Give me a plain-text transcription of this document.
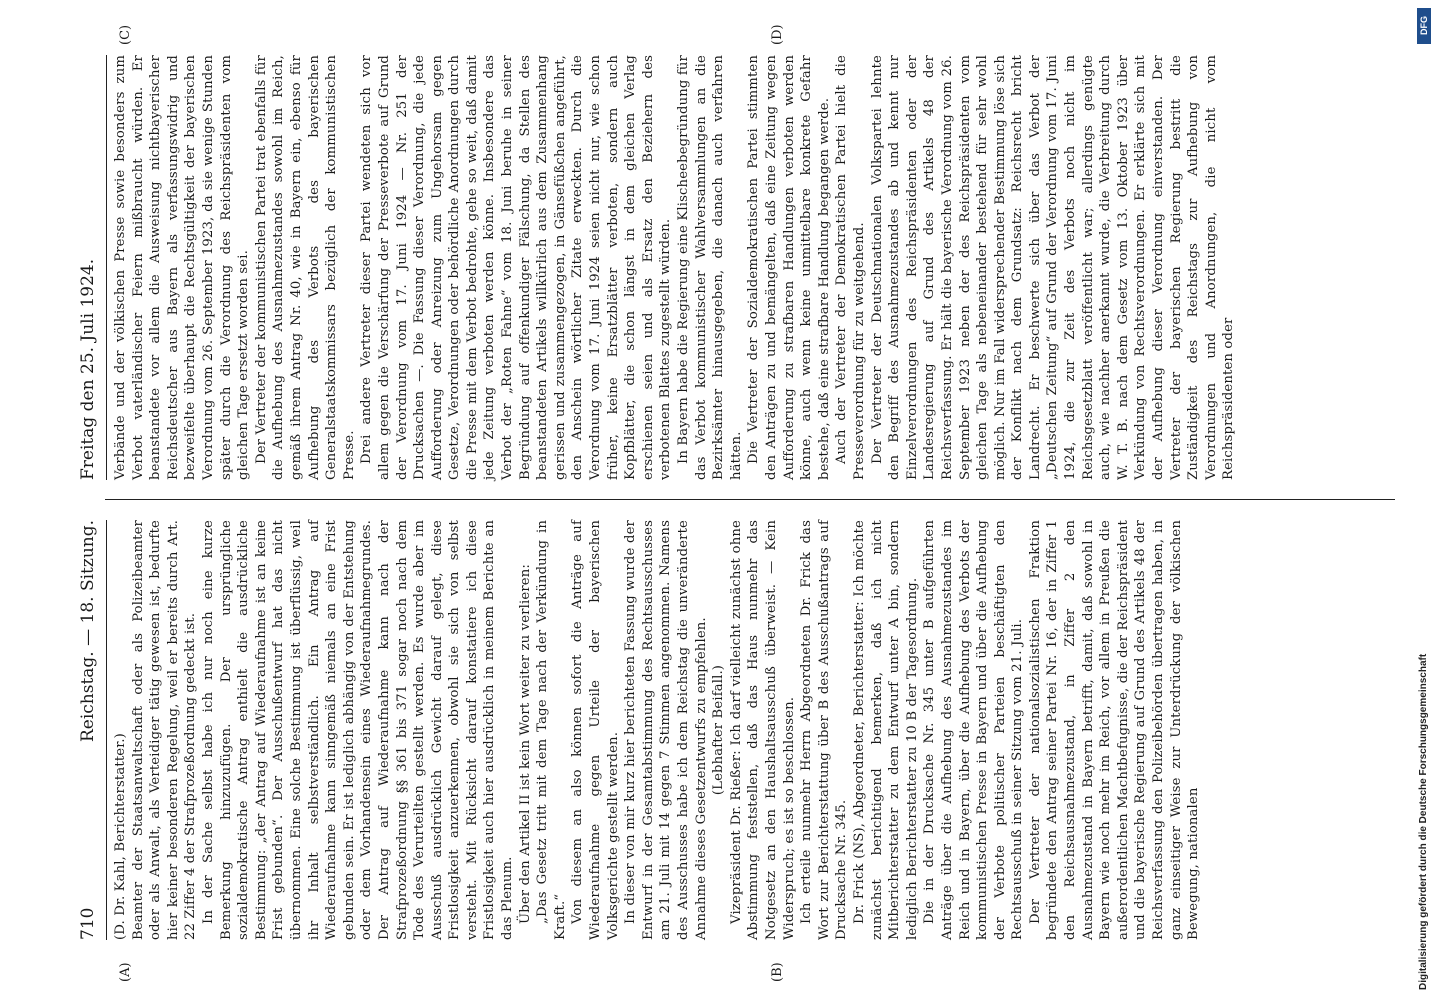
710
Reichstag. — 18. Sitzung.
Freitag den 25. Juli 1924.
(A)	(B)
(C)	(D)

(D. Dr. Kahl, Berichterstatter.) Beamter der Staatsanwaltschaft oder als Polizeibeamter oder als Anwalt, als Verteidiger tätig gewesen ist, bedurfte hier keiner besonderen Regelung, weil er bereits durch Art. 22 Ziffer 4 der Strafprozeßordnung gedeckt ist. In der Sache selbst habe ich nur noch eine kurze Bemerkung hinzuzufügen. Der ursprüngliche sozialdemokratische Antrag enthielt die ausdrückliche Bestimmung: „der Antrag auf Wiederaufnahme ist an keine Frist gebunden“. Der Ausschußentwurf hat das nicht übernommen. Eine solche Bestimmung ist überflüssig, weil ihr Inhalt selbstverständlich. Ein Antrag auf Wiederaufnahme kann sinngemäß niemals an eine Frist gebunden sein. Er ist lediglich abhängig von der Entstehung oder dem Vorhandensein eines Wiederaufnahmegrundes. Der Antrag auf Wiederaufnahme kann nach der Strafprozeßordnung §§ 361 bis 371 sogar noch nach dem Tode des Verurteilten gestellt werden. Es wurde aber im Ausschuß ausdrücklich Gewicht darauf gelegt, diese Fristlosigkeit anzuerkennen, obwohl sie sich von selbst versteht. Mit Rücksicht darauf konstatiere ich diese Fristlosigkeit auch hier ausdrücklich in meinem Berichte an das Plenum. Über den Artikel II ist kein Wort weiter zu verlieren: „Das Gesetz tritt mit dem Tage nach der Verkündung in Kraft.“ Von diesem an also können sofort die Anträge auf Wiederaufnahme gegen Urteile der bayerischen Volksgerichte gestellt werden. In dieser von mir kurz hier berichteten Fassung wurde der Entwurf in der Gesamtabstimmung des Rechtsausschusses am 21. Juli mit 14 gegen 7 Stimmen angenommen. Namens des Ausschusses habe ich dem Reichstag die unveränderte Annahme dieses Gesetzentwurfs zu empfehlen. (Lebhafter Beifall.) Vizepräsident Dr. Rießer: Ich darf vielleicht zunächst ohne Abstimmung feststellen, daß das Haus nunmehr das Notgesetz an den Haushaltsausschuß überweist. — Kein Widerspruch; es ist so beschlossen. Ich erteile nunmehr Herrn Abgeordneten Dr. Frick das Wort zur Berichterstattung über B des Ausschußantrags auf Drucksache Nr. 345. Dr. Frick (NS), Abgeordneter, Berichterstatter: Ich möchte zunächst berichtigend bemerken, daß ich nicht Mitberichterstatter zu dem Entwurf unter A bin, sondern lediglich Berichterstatter zu 10 B der Tagesordnung. Die in der Drucksache Nr. 345 unter B aufgeführten Anträge über die Aufhebung des Ausnahmezustandes im Reich und in Bayern, über die Aufhebung des Verbots der kommunistischen Presse in Bayern und über die Aufhebung der Verbote politischer Parteien beschäftigten den Rechtsausschuß in seiner Sitzung vom 21. Juli. Der Vertreter der nationalsozialistischen Fraktion begründete den Antrag seiner Partei Nr. 16, der in Ziffer 1 den Reichsausnahmezustand, in Ziffer 2 den Ausnahmezustand in Bayern betrifft, damit, daß sowohl in Bayern wie noch mehr im Reich, vor allem in Preußen die außerordentlichen Machtbefugnisse, die der Reichspräsident und die bayerische Regierung auf Grund des Artikels 48 der Reichsverfassung den Polizeibehörden übertragen haben, in ganz einseitiger Weise zur Unterdrückung der völkischen Bewegung, nationalen

Verbände und der völkischen Presse sowie besonders zum Verbot vaterländischer Feiern mißbraucht würden. Er beanstandete vor allem die Ausweisung nichtbayerischer Reichsdeutscher aus Bayern als verfassungswidrig und bezweifelte überhaupt die Rechtsgültigkeit der bayerischen Verordnung vom 26. September 1923, da sie wenige Stunden später durch die Verordnung des Reichspräsidenten vom gleichen Tage ersetzt worden sei. Der Vertreter der kommunistischen Partei trat ebenfalls für die Aufhebung des Ausnahmezustandes sowohl im Reich, gemäß ihrem Antrag Nr. 40, wie in Bayern ein, ebenso für Aufhebung des Verbots des bayerischen Generalstaatskommissars bezüglich der kommunistischen Presse. Drei andere Vertreter dieser Partei wendeten sich vor allem gegen die Verschärfung der Presseverbote auf Grund der Verordnung vom 17. Juni 1924 — Nr. 251 der Drucksachen —. Die Fassung dieser Verordnung, die jede Aufforderung oder Anreizung zum Ungehorsam gegen Gesetze, Verordnungen oder behördliche Anordnungen durch die Presse mit dem Verbot bedrohte, gehe so weit, daß damit jede Zeitung verboten werden könne. Insbesondere das Verbot der „Roten Fahne“ vom 18. Juni beruhe in seiner Begründung auf offenkundiger Fälschung, da Stellen des beanstandeten Artikels willkürlich aus dem Zusammenhang gerissen und zusammengezogen, in Gänsefüßchen angeführt, den Anschein wörtlicher Zitate erweckten. Durch die Verordnung vom 17. Juni 1924 seien nicht nur, wie schon früher, keine Ersatzblätter verboten, sondern auch Kopfblätter, die schon längst in dem gleichen Verlag erschienen seien und als Ersatz den Beziehern des verbotenen Blattes zugestellt würden. In Bayern habe die Regierung eine Klischeebegründung für das Verbot kommunistischer Wahlversammlungen an die Bezirksämter hinausgegeben, die danach auch verfahren hätten. Die Vertreter der Sozialdemokratischen Partei stimmten den Anträgen zu und bemängelten, daß eine Zeitung wegen Aufforderung zu strafbaren Handlungen verboten werden könne, auch wenn keine unmittelbare konkrete Gefahr bestehe, daß eine strafbare Handlung begangen werde. Auch der Vertreter der Demokratischen Partei hielt die Presseverordnung für zu weitgehend. Der Vertreter der Deutschnationalen Volkspartei lehnte den Begriff des Ausnahmezustandes ab und kennt nur Einzelverordnungen des Reichspräsidenten oder der Landesregierung auf Grund des Artikels 48 der Reichsverfassung. Er hält die bayerische Verordnung vom 26. September 1923 neben der des Reichspräsidenten vom gleichen Tage als nebeneinander bestehend für sehr wohl möglich. Nur im Fall widersprechender Bestimmung löse sich der Konflikt nach dem Grundsatz: Reichsrecht bricht Landrecht. Er beschwerte sich über das Verbot der „Deutschen Zeitung“ auf Grund der Verordnung vom 17. Juni 1924, die zur Zeit des Verbots noch nicht im Reichsgesetzblatt veröffentlicht war; allerdings genügte auch, wie nachher anerkannt wurde, die Verbreitung durch W. T. B. nach dem Gesetz vom 13. Oktober 1923 über Verkündung von Rechtsverordnungen. Er erklärte sich mit der Aufhebung dieser Verordnung einverstanden. Der Vertreter der bayerischen Regierung bestritt die Zuständigkeit des Reichstags zur Aufhebung von Verordnungen und Anordnungen, die nicht vom Reichspräsidenten oder

DFG
Digitalisierung gefördert durch die Deutsche Forschungsgemeinschaft
